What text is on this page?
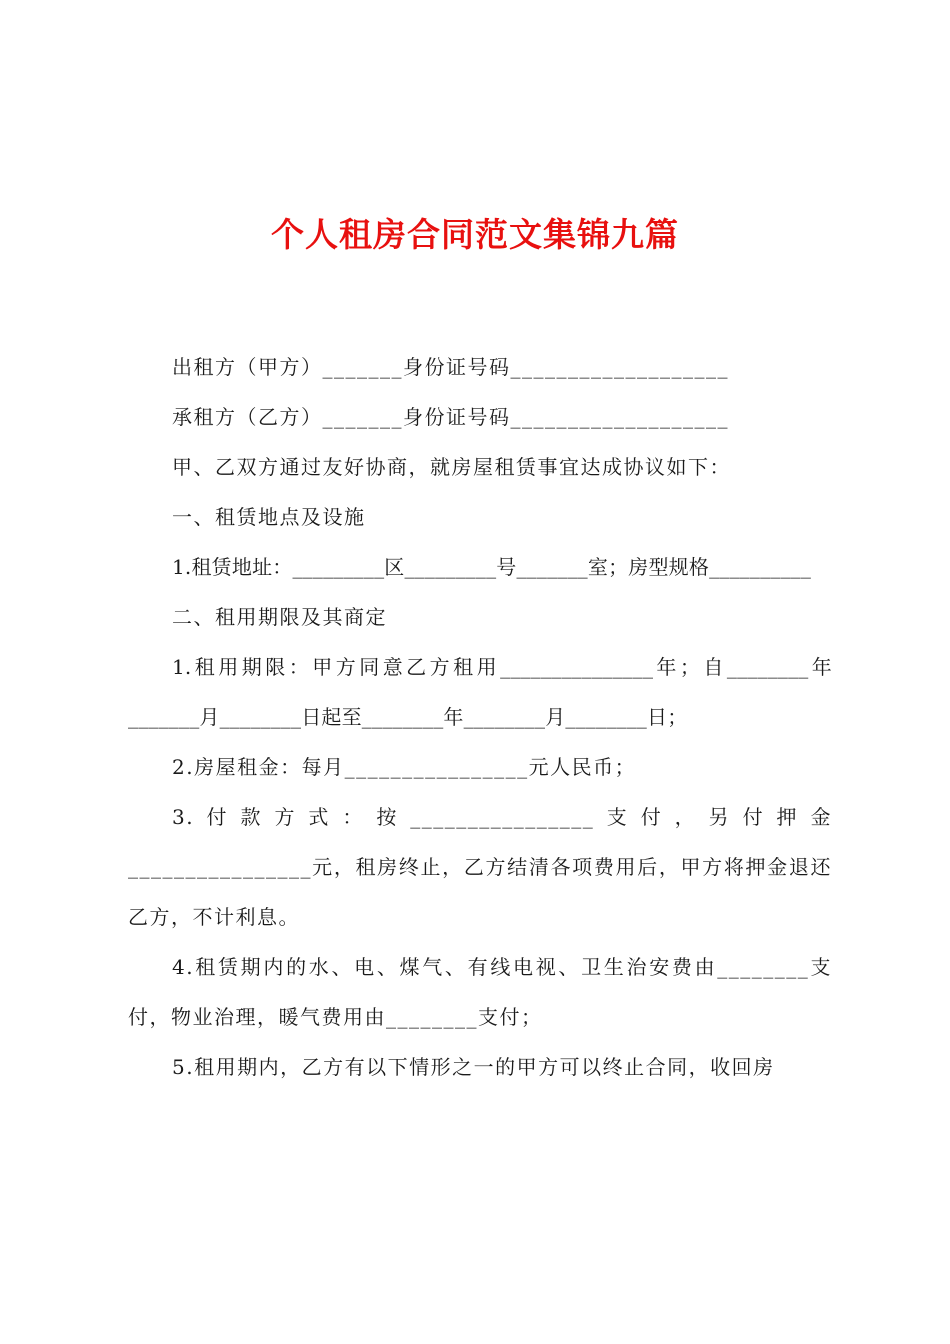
个人租房合同范文集锦九篇

出租方（甲方）_______身份证号码___________________

承租方（乙方）_______身份证号码___________________

甲、乙双方通过友好协商，就房屋租赁事宜达成协议如下：

一、租赁地点及设施

1.租赁地址：_________区_________号_______室；房型规格__________

二、租用期限及其商定

1.租用期限：甲方同意乙方租用_______________年；自________年_______月________日起至________年________月________日；

2.房屋租金：每月________________元人民币；

3.付款方式：按________________支付，另付押金________________元，租房终止，乙方结清各项费用后，甲方将押金退还乙方，不计利息。

4.租赁期内的水、电、煤气、有线电视、卫生治安费由________支付，物业治理，暖气费用由________支付；

5.租用期内，乙方有以下情形之一的甲方可以终止合同，收回房
